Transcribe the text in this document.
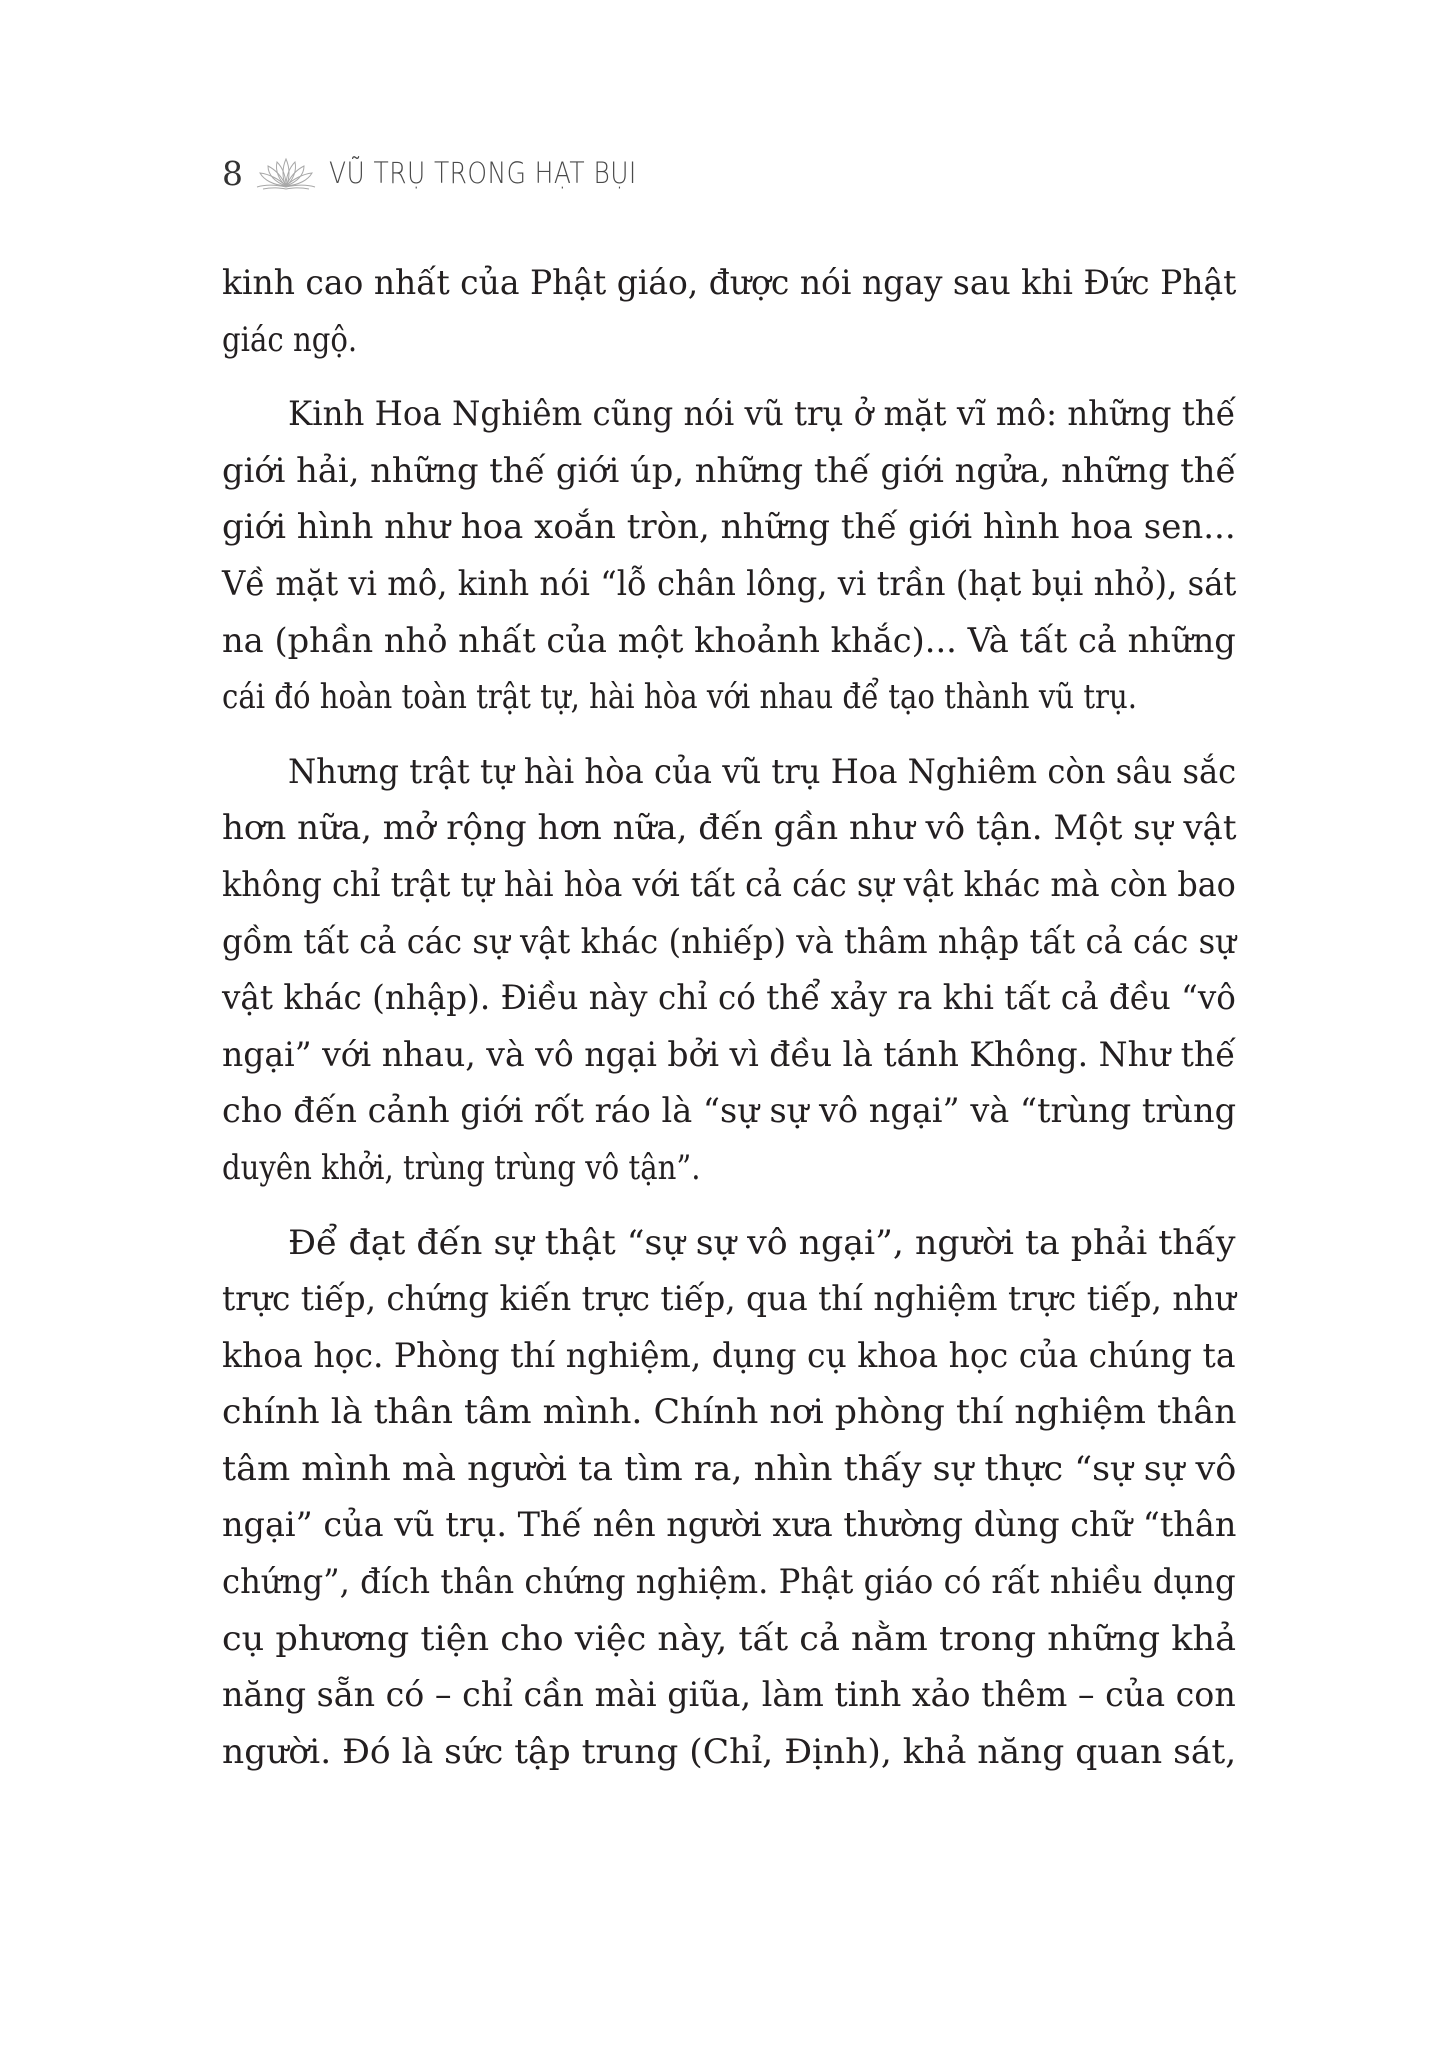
8	VŨ TRỤ TRONG HẠT BỤI
kinh cao nhất của Phật giáo, được nói ngay sau khi Đức Phật
giác ngộ.
Kinh Hoa Nghiêm cũng nói vũ trụ ở mặt vĩ mô: những thế
giới hải, những thế giới úp, những thế giới ngửa, những thế
giới hình như hoa xoắn tròn, những thế giới hình hoa sen...
Về mặt vi mô, kinh nói “lỗ chân lông, vi trần (hạt bụi nhỏ), sát
na (phần nhỏ nhất của một khoảnh khắc)... Và tất cả những
cái đó hoàn toàn trật tự, hài hòa với nhau để tạo thành vũ trụ.
Nhưng trật tự hài hòa của vũ trụ Hoa Nghiêm còn sâu sắc
hơn nữa, mở rộng hơn nữa, đến gần như vô tận. Một sự vật
không chỉ trật tự hài hòa với tất cả các sự vật khác mà còn bao
gồm tất cả các sự vật khác (nhiếp) và thâm nhập tất cả các sự
vật khác (nhập). Điều này chỉ có thể xảy ra khi tất cả đều “vô
ngại” với nhau, và vô ngại bởi vì đều là tánh Không. Như thế
cho đến cảnh giới rốt ráo là “sự sự vô ngại” và “trùng trùng
duyên khởi, trùng trùng vô tận”.
Để đạt đến sự thật “sự sự vô ngại”, người ta phải thấy
trực tiếp, chứng kiến trực tiếp, qua thí nghiệm trực tiếp, như
khoa học. Phòng thí nghiệm, dụng cụ khoa học của chúng ta
chính là thân tâm mình. Chính nơi phòng thí nghiệm thân
tâm mình mà người ta tìm ra, nhìn thấy sự thực “sự sự vô
ngại” của vũ trụ. Thế nên người xưa thường dùng chữ “thân
chứng”, đích thân chứng nghiệm. Phật giáo có rất nhiều dụng
cụ phương tiện cho việc này, tất cả nằm trong những khả
năng sẵn có – chỉ cần mài giũa, làm tinh xảo thêm – của con
người. Đó là sức tập trung (Chỉ, Định), khả năng quan sát,
